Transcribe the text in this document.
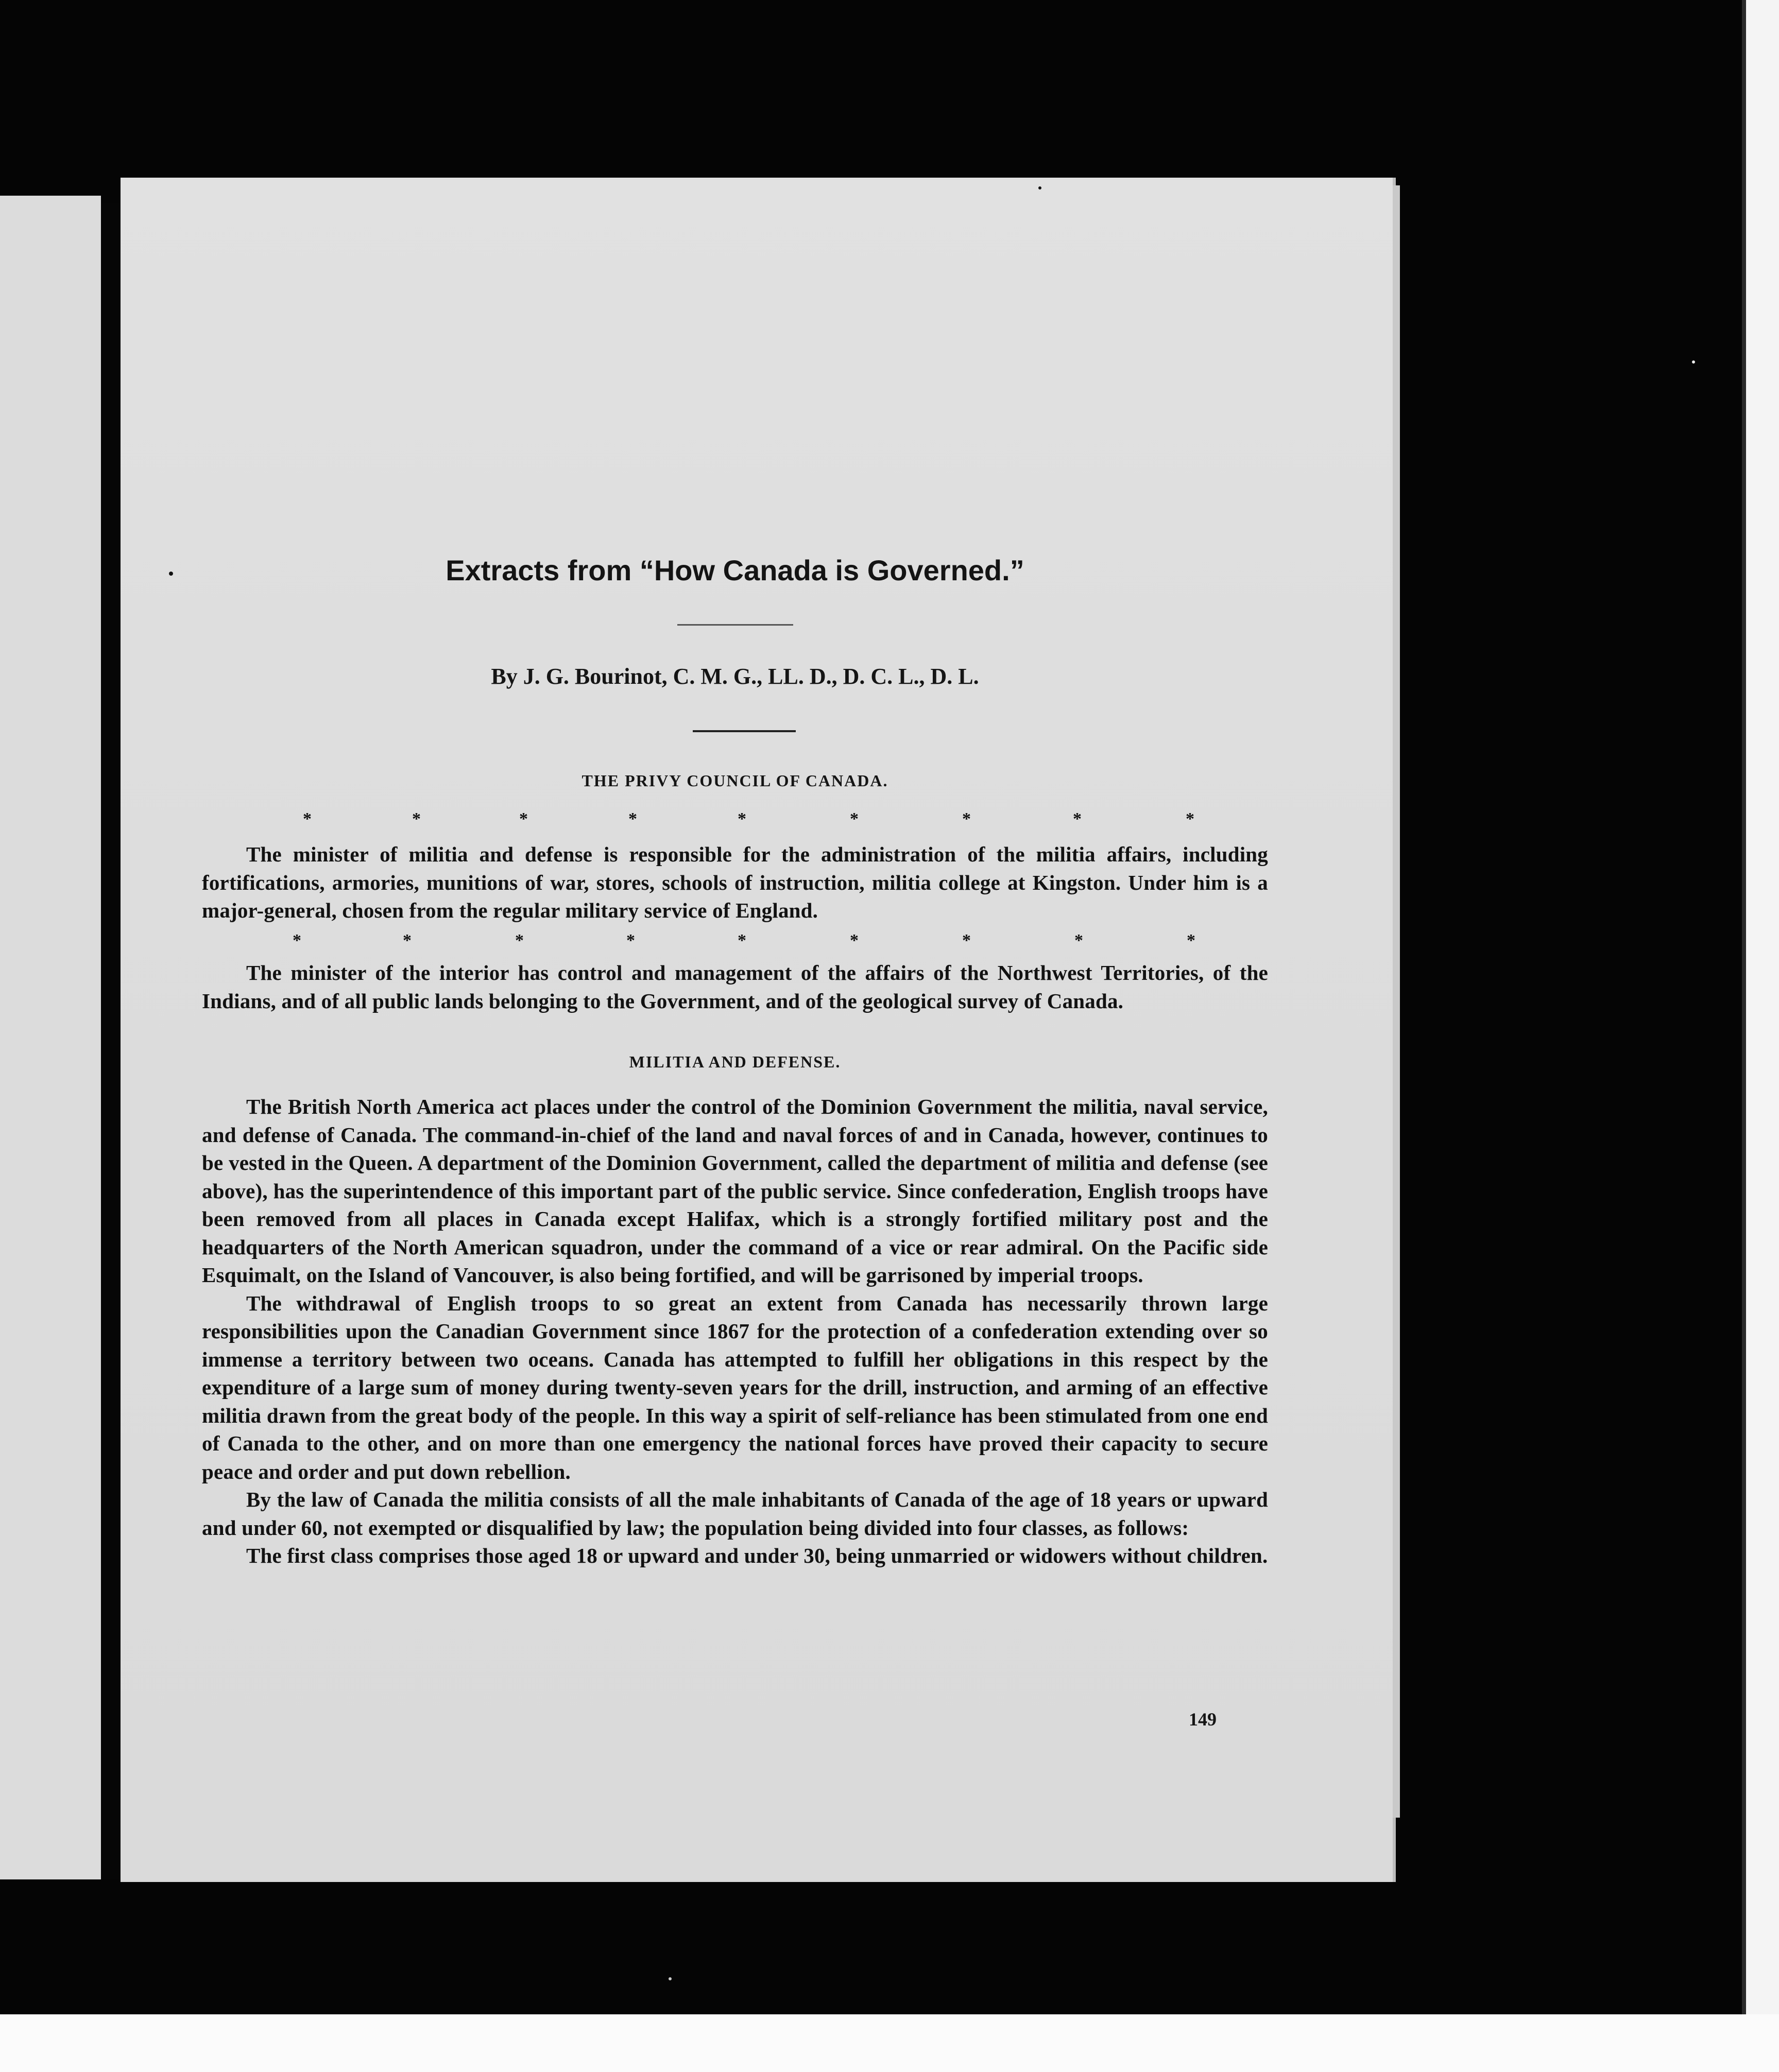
Extracts from “How Canada is Governed.”
By J. G. Bourinot, C. M. G., LL. D., D. C. L., D. L.
THE PRIVY COUNCIL OF CANADA.
*	*	*	*	*	*	*	*	*

The minister of militia and defense is responsible for the administration of the militia affairs, including fortifications, armories, munitions of war, stores, schools of instruction, militia college at Kingston. Under him is a major-general, chosen from the regular military service of England.

*	*	*	*	*	*	*	*	*

The minister of the interior has control and management of the affairs of the Northwest Territories, of the Indians, and of all public lands belonging to the Government, and of the geological survey of Canada.

MILITIA AND DEFENSE.

The British North America act places under the control of the Dominion Government the militia, naval service, and defense of Canada. The command-in-chief of the land and naval forces of and in Canada, however, continues to be vested in the Queen. A department of the Dominion Government, called the department of militia and defense (see above), has the superintendence of this important part of the public service. Since confederation, English troops have been removed from all places in Canada except Halifax, which is a strongly fortified military post and the headquarters of the North American squadron, under the command of a vice or rear admiral. On the Pacific side Esquimalt, on the Island of Vancouver, is also being fortified, and will be garrisoned by imperial troops.

The withdrawal of English troops to so great an extent from Canada has necessarily thrown large responsibilities upon the Canadian Government since 1867 for the protection of a confederation extending over so immense a territory between two oceans. Canada has attempted to fulfill her obligations in this respect by the expenditure of a large sum of money during twenty-seven years for the drill, instruction, and arming of an effective militia drawn from the great body of the people. In this way a spirit of self-reliance has been stimulated from one end of Canada to the other, and on more than one emergency the national forces have proved their capacity to secure peace and order and put down rebellion.

By the law of Canada the militia consists of all the male inhabitants of Canada of the age of 18 years or upward and under 60, not exempted or disqualified by law; the population being divided into four classes, as follows:

The first class comprises those aged 18 or upward and under 30, being unmarried or widowers without children.

149
